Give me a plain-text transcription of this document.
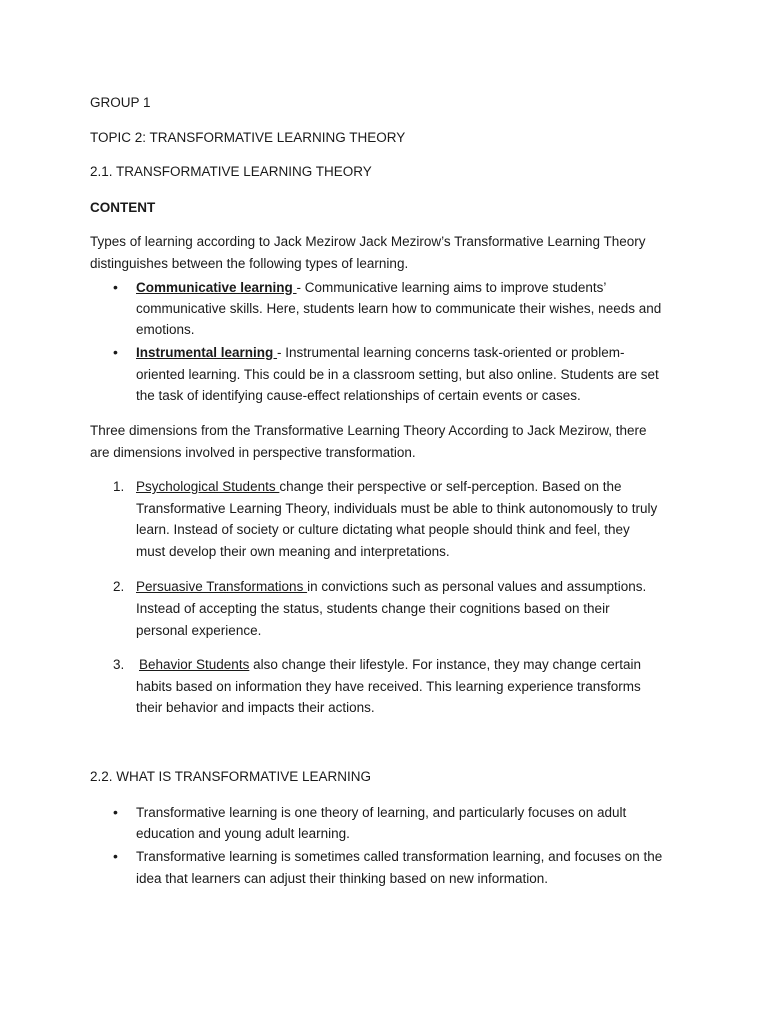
GROUP 1

TOPIC 2: TRANSFORMATIVE LEARNING THEORY

2.1. TRANSFORMATIVE LEARNING THEORY

CONTENT

Types of learning according to Jack Mezirow Jack Mezirow’s Transformative Learning Theory

distinguishes between the following types of learning.

• Communicative learning - Communicative learning aims to improve students’

communicative skills. Here, students learn how to communicate their wishes, needs and

emotions.

• Instrumental learning - Instrumental learning concerns task-oriented or problem-

oriented learning. This could be in a classroom setting, but also online. Students are set

the task of identifying cause-effect relationships of certain events or cases.

Three dimensions from the Transformative Learning Theory According to Jack Mezirow, there

are dimensions involved in perspective transformation.

1. Psychological Students change their perspective or self-perception. Based on the

Transformative Learning Theory, individuals must be able to think autonomously to truly

learn. Instead of society or culture dictating what people should think and feel, they

must develop their own meaning and interpretations.

2. Persuasive Transformations in convictions such as personal values and assumptions.

Instead of accepting the status, students change their cognitions based on their

personal experience.

3. Behavior Students also change their lifestyle. For instance, they may change certain

habits based on information they have received. This learning experience transforms

their behavior and impacts their actions.

2.2. WHAT IS TRANSFORMATIVE LEARNING

• Transformative learning is one theory of learning, and particularly focuses on adult

education and young adult learning.

• Transformative learning is sometimes called transformation learning, and focuses on the

idea that learners can adjust their thinking based on new information.
